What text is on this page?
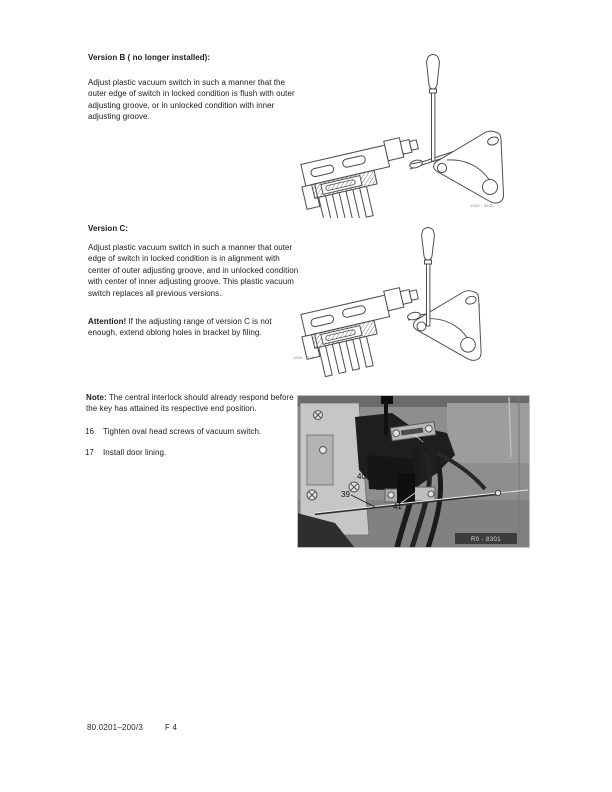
Version B ( no longer installed):
Adjust plastic vacuum switch in such a manner that the outer edge of switch in locked condition is flush with outer adjusting groove, or in unlocked condition with inner adjusting groove.
1808 - 5525
Version C:
Adjust plastic vacuum switch in such a manner that outer edge of switch in locked condition is in alignment with center of outer adjusting groove, and in unlocked condition with center of inner adjusting groove. This plastic vacuum switch replaces all previous versions.
Attention! If the adjusting range of version C is not enough, extend oblong holes in bracket by filing.
1808 - 516
Note: The central interlock should already respond before the key has attained its respective end position.
16	Tighten oval head screws of vacuum switch.
17	Install door lining.
7
40
39
41
R0 - 8301
80.0201–200/3	F 4
